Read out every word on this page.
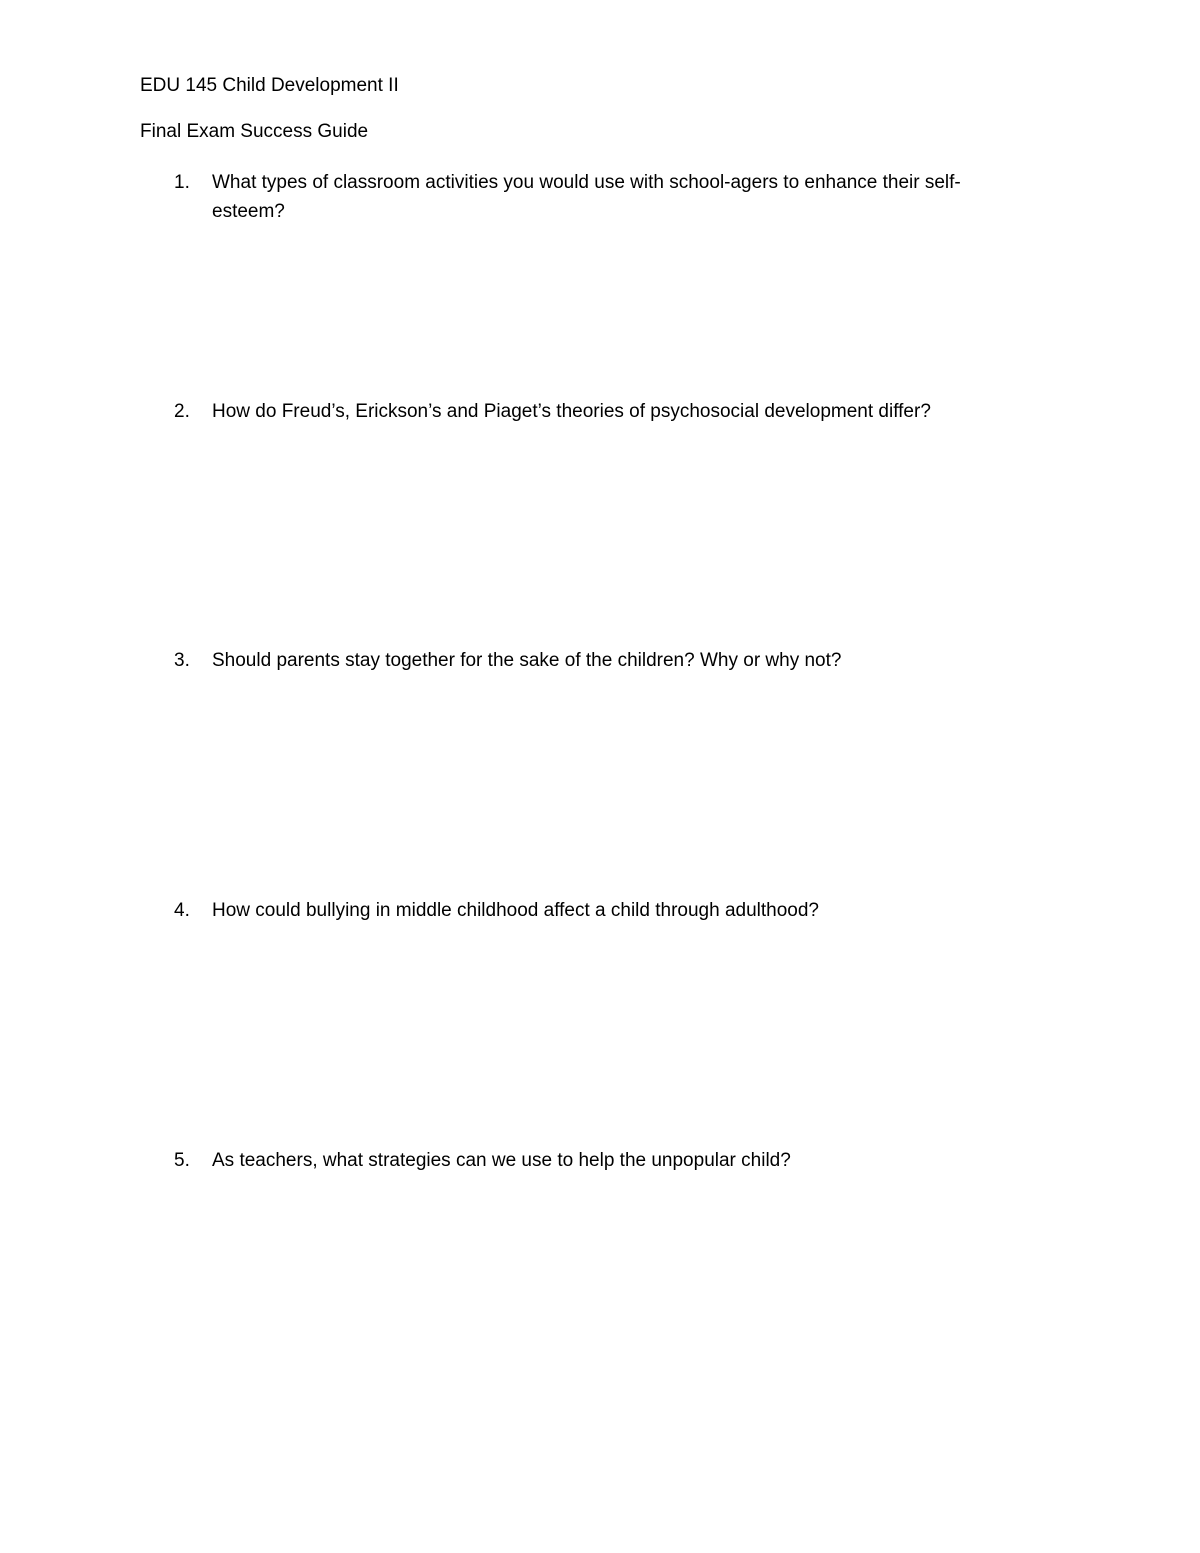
EDU 145 Child Development II
Final Exam Success Guide
1.	What types of classroom activities you would use with school-agers to enhance their self-esteem?
2.	How do Freud’s, Erickson’s and Piaget’s theories of psychosocial development differ?
3.	Should parents stay together for the sake of the children? Why or why not?
4.	How could bullying in middle childhood affect a child through adulthood?
5.	As teachers, what strategies can we use to help the unpopular child?
